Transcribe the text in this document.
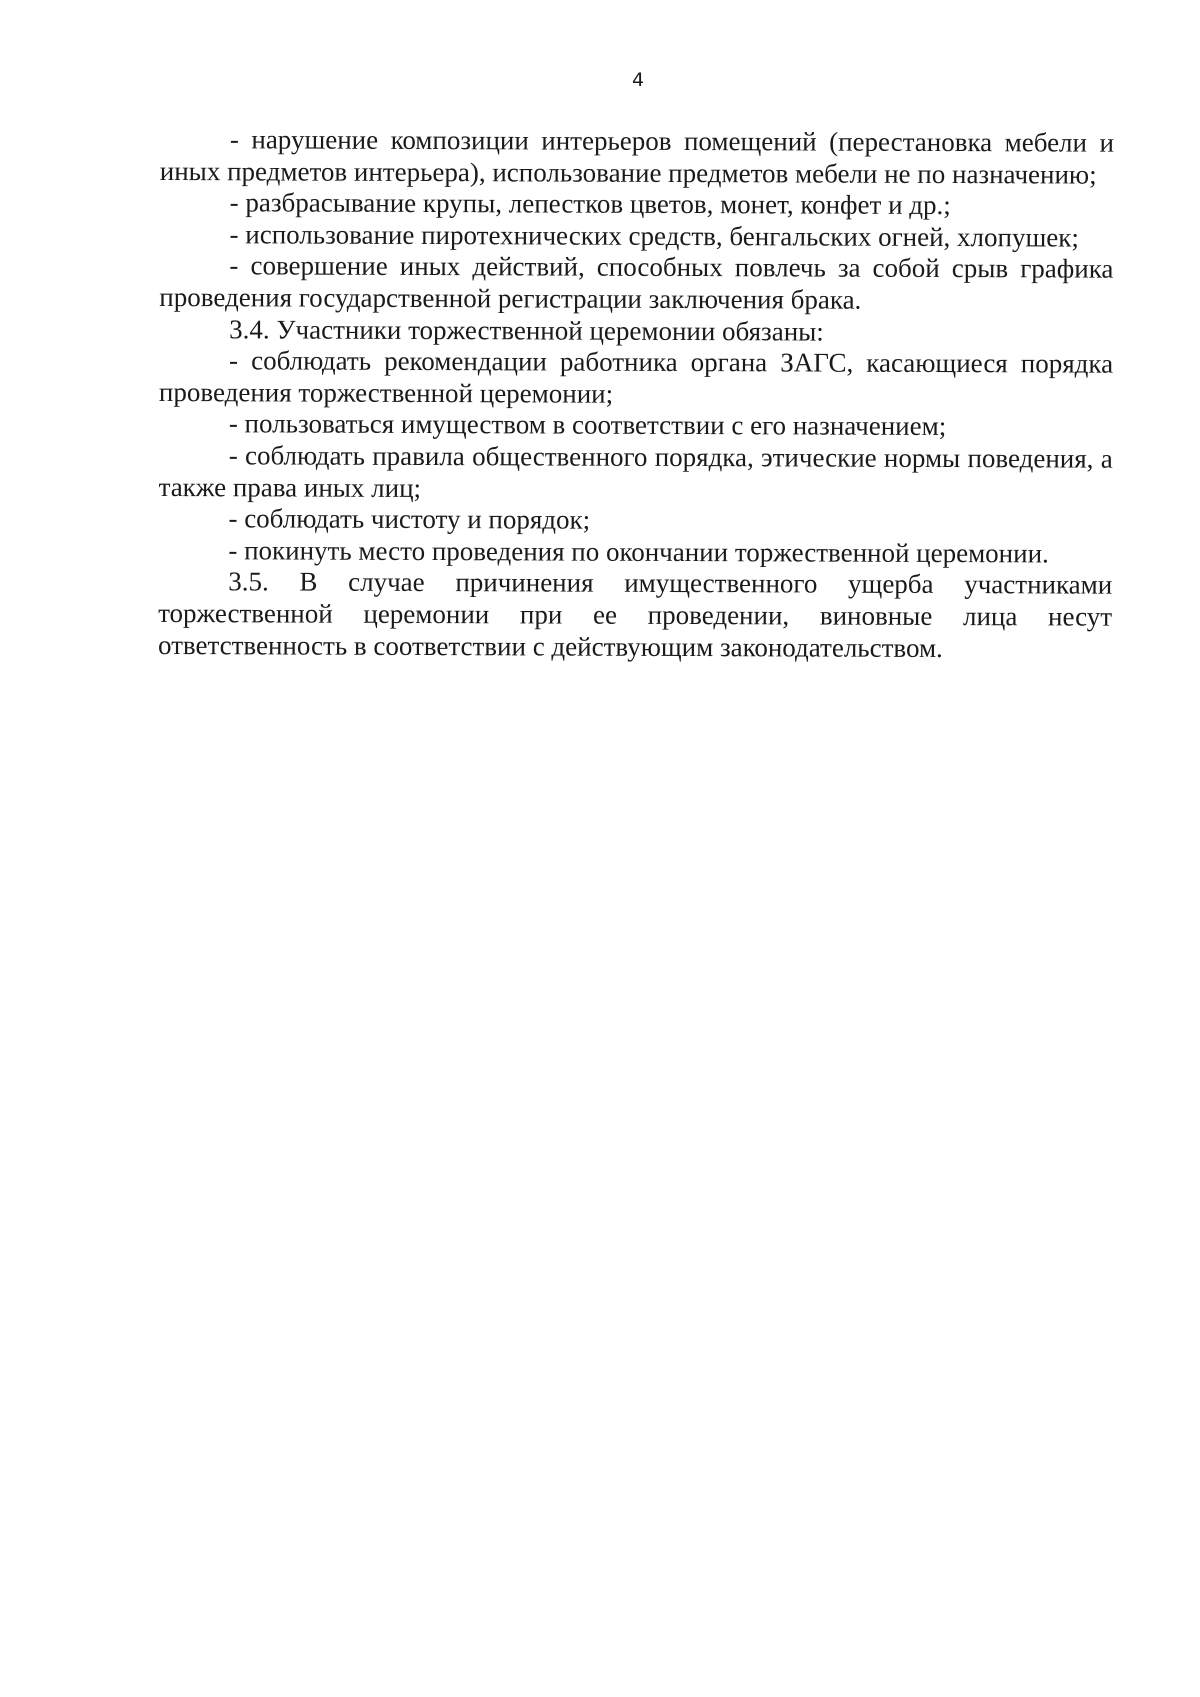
4

- нарушение композиции интерьеров помещений (перестановка мебели и иных предметов интерьера), использование предметов мебели не по назначению;

- разбрасывание крупы, лепестков цветов, монет, конфет и др.;

- использование пиротехнических средств, бенгальских огней, хлопушек;

- совершение иных действий, способных повлечь за собой срыв графика проведения государственной регистрации заключения брака.

3.4. Участники торжественной церемонии обязаны:

- соблюдать рекомендации работника органа ЗАГС, касающиеся порядка проведения торжественной церемонии;

- пользоваться имуществом в соответствии с его назначением;

- соблюдать правила общественного порядка, этические нормы поведения, а также права иных лиц;

- соблюдать чистоту и порядок;

- покинуть место проведения по окончании торжественной церемонии.

3.5. В случае причинения имущественного ущерба участниками торжественной церемонии при ее проведении, виновные лица несут ответственность в соответствии с действующим законодательством.
